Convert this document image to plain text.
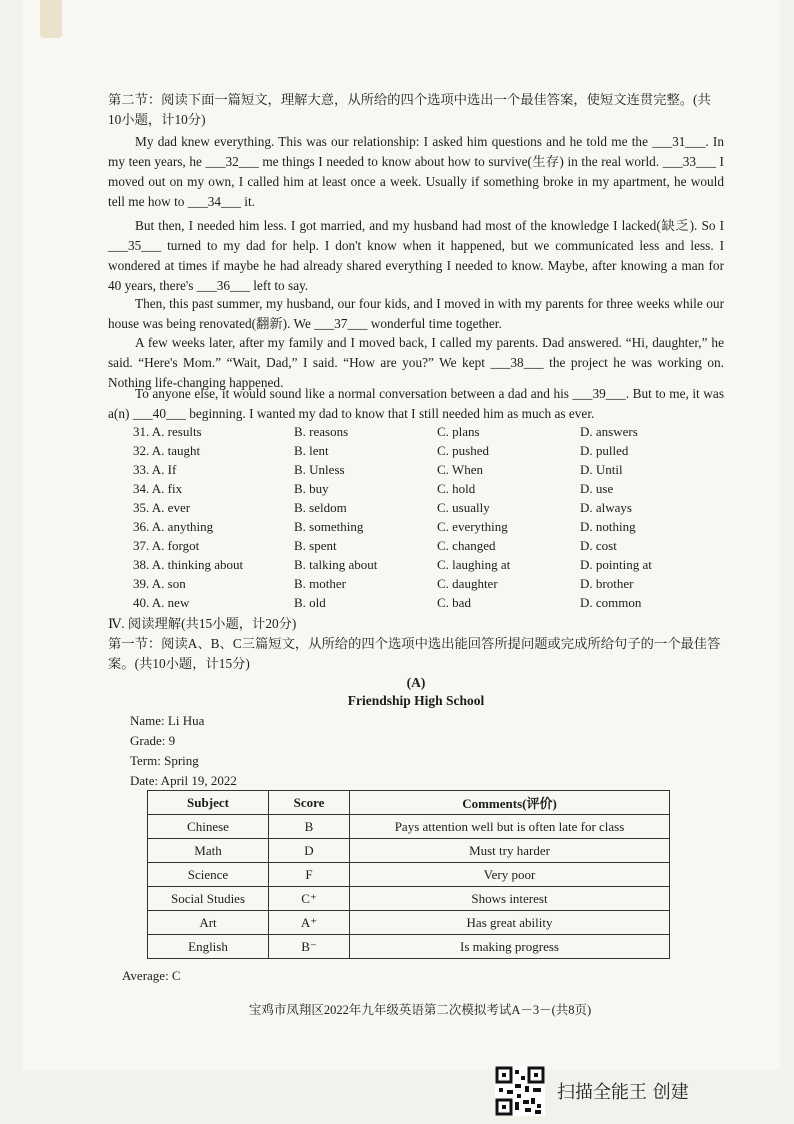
第二节：阅读下面一篇短文，理解大意，从所给的四个选项中选出一个最佳答案，使短文连贯完整。(共10小题，计10分)

My dad knew everything. This was our relationship: I asked him questions and he told me the ___31___. In my teen years, he ___32___ me things I needed to know about how to survive(生存) in the real world. ___33___ I moved out on my own, I called him at least once a week. Usually if something broke in my apartment, he would tell me how to ___34___ it.

But then, I needed him less. I got married, and my husband had most of the knowledge I lacked(缺乏). So I ___35___ turned to my dad for help. I don't know when it happened, but we communicated less and less. I wondered at times if maybe he had already shared everything I needed to know. Maybe, after knowing a man for 40 years, there's ___36___ left to say.

Then, this past summer, my husband, our four kids, and I moved in with my parents for three weeks while our house was being renovated(翻新). We ___37___ wonderful time together.

A few weeks later, after my family and I moved back, I called my parents. Dad answered. “Hi, daughter,” he said. “Here's Mom.” “Wait, Dad,” I said. “How are you?” We kept ___38___ the project he was working on. Nothing life-changing happened.

To anyone else, it would sound like a normal conversation between a dad and his ___39___. But to me, it was a(n) ___40___ beginning. I wanted my dad to know that I still needed him as much as ever.

31. A. results	B. reasons	C. plans	D. answers
32. A. taught	B. lent	C. pushed	D. pulled
33. A. If	B. Unless	C. When	D. Until
34. A. fix	B. buy	C. hold	D. use
35. A. ever	B. seldom	C. usually	D. always
36. A. anything	B. something	C. everything	D. nothing
37. A. forgot	B. spent	C. changed	D. cost
38. A. thinking about	B. talking about	C. laughing at	D. pointing at
39. A. son	B. mother	C. daughter	D. brother
40. A. new	B. old	C. bad	D. common

Ⅳ. 阅读理解(共15小题，计20分)

第一节：阅读A、B、C三篇短文，从所给的四个选项中选出能回答所提问题或完成所给句子的一个最佳答案。(共10小题，计15分)

(A)
Friendship High School
Name: Li Hua
Grade: 9
Term: Spring
Date: April 19, 2022
Subject	Score	Comments(评价)
Chinese	B	Pays attention well but is often late for class
Math	D	Must try harder
Science	F	Very poor
Social Studies	C⁺	Shows interest
Art	A⁺	Has great ability
English	B⁻	Is making progress
Average: C
宝鸡市凤翔区2022年九年级英语第二次模拟考试A－3－(共8页)
扫描全能王 创建
